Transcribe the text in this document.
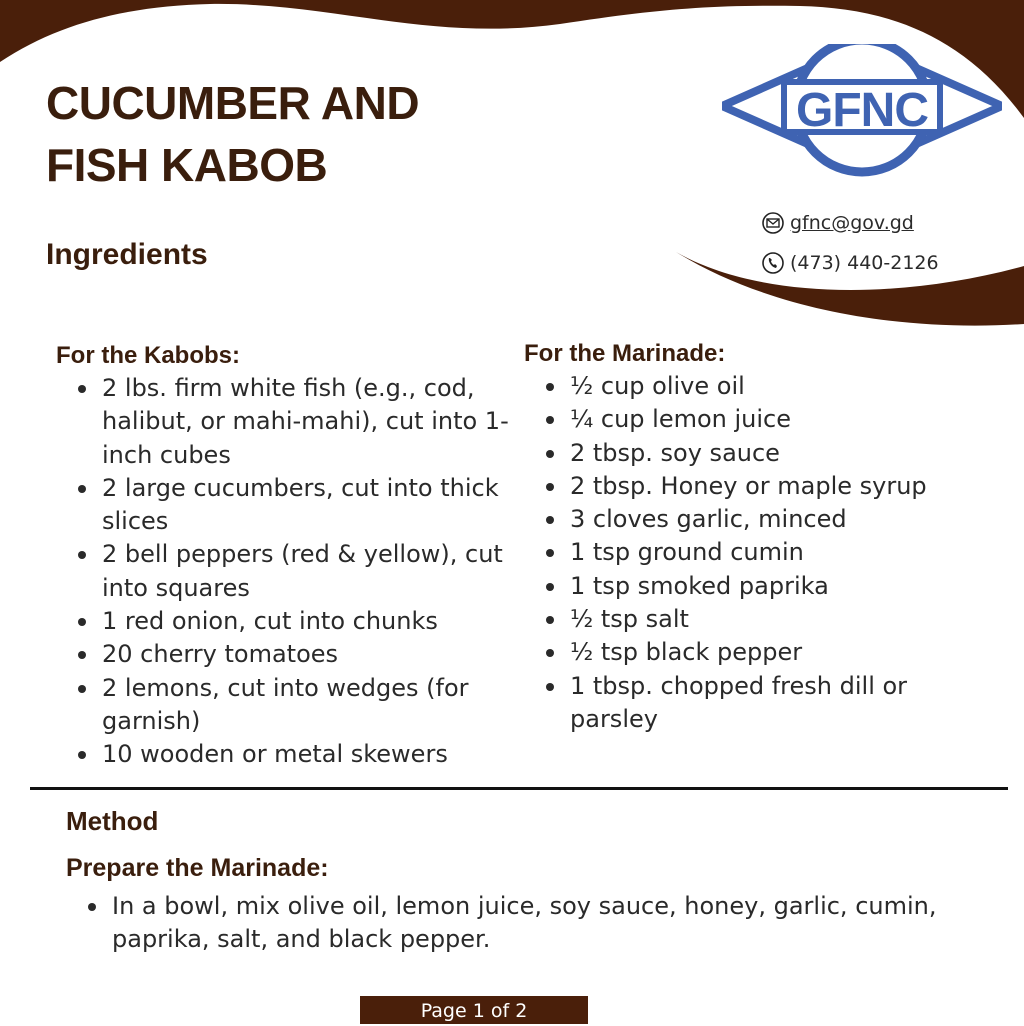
CUCUMBER AND
FISH KABOB
Ingredients
GFNC
gfnc@gov.gd
(473) 440-2126
For the Kabobs:
2 lbs. firm white fish (e.g., cod, halibut, or mahi-mahi), cut into 1-inch cubes
2 large cucumbers, cut into thick slices
2 bell peppers (red & yellow), cut into squares
1 red onion, cut into chunks
20 cherry tomatoes
2 lemons, cut into wedges (for garnish)
10 wooden or metal skewers
For the Marinade:
½ cup olive oil
¼ cup lemon juice
2 tbsp. soy sauce
2 tbsp. Honey or maple syrup
3 cloves garlic, minced
1 tsp ground cumin
1 tsp smoked paprika
½ tsp salt
½ tsp black pepper
1 tbsp. chopped fresh dill or parsley
Method
Prepare the Marinade:
In a bowl, mix olive oil, lemon juice, soy sauce, honey, garlic, cumin, paprika, salt, and black pepper.
Page 1 of 2
